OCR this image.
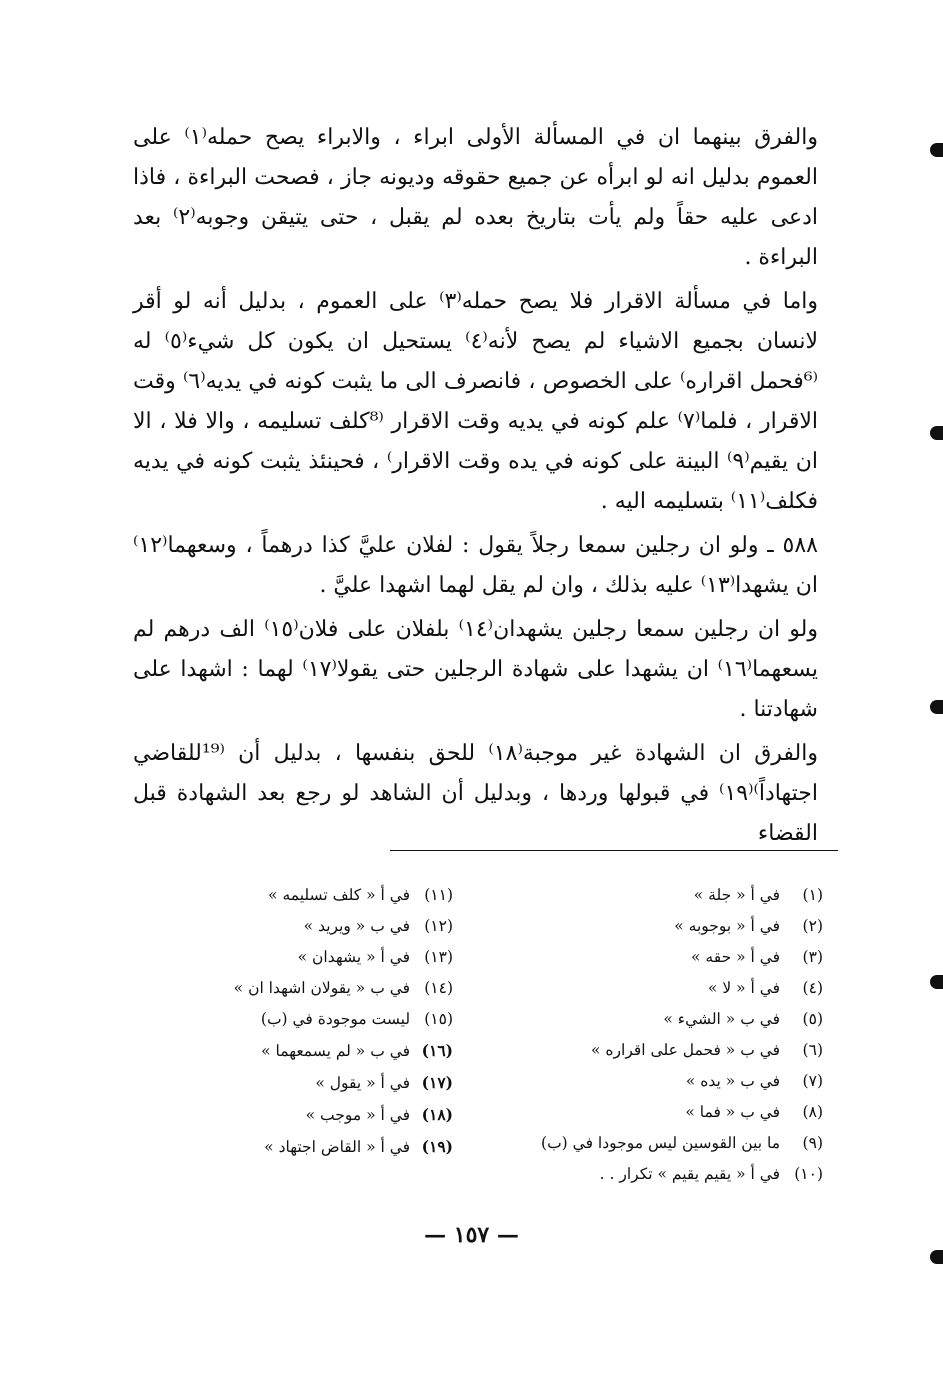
والفرق بينهما ان في المسألة الأولى ابراء ، والابراء يصح حمله⁽١⁾ على العموم بدليل انه لو ابرأه عن جميع حقوقه وديونه جاز ، فصحت البراءة ، فاذا ادعى عليه حقاً ولم يأت بتاريخ بعده لم يقبل ، حتى يتيقن وجوبه⁽٢⁾ بعد البراءة .

واما في مسألة الاقرار فلا يصح حمله⁽٣⁾ على العموم ، بدليل أنه لو أقر لانسان بجميع الاشياء لم يصح لأنه⁽٤⁾ يستحيل ان يكون كل شيء⁽٥⁾ له ⁽⁶فحمل اقراره⁾ على الخصوص ، فانصرف الى ما يثبت كونه في يديه⁽٦⁾ وقت الاقرار ، فلما⁽٧⁾ علم كونه في يديه وقت الاقرار ⁽⁸كلف تسليمه ، والا فلا ، الا ان يقيم⁽٩⁾ البينة على كونه في يده وقت الاقرار⁾ ، فحينئذ يثبت كونه في يديه فكلف⁽١١⁾ بتسليمه اليه .

٥٨٨ ـ ولو ان رجلين سمعا رجلاً يقول : لفلان عليَّ كذا درهماً ، وسعهما⁽١٢⁾ ان يشهدا⁽١٣⁾ عليه بذلك ، وان لم يقل لهما اشهدا عليَّ .

ولو ان رجلين سمعا رجلين يشهدان⁽١٤⁾ بلفلان على فلان⁽١٥⁾ الف درهم لم يسعهما⁽١٦⁾ ان يشهدا على شهادة الرجلين حتى يقولا⁽١٧⁾ لهما : اشهدا على شهادتنا .

والفرق ان الشهادة غير موجبة⁽١٨⁾ للحق بنفسها ، بدليل أن ⁽¹⁹للقاضي اجتهاداً⁾⁽١٩⁾ في قبولها وردها ، وبدليل أن الشاهد لو رجع بعد الشهادة قبل القضاء

(١) في أ « جلة »
(٢) في أ « بوجوبه »
(٣) في أ « حقه »
(٤) في أ « لا »
(٥) في ب « الشيء »
(٦) في ب « فحمل على اقراره »
(٧) في ب « يده »
(٨) في ب « فما »
(٩) ما بين القوسين ليس موجودا في (ب)
(١٠) في أ « يقيم يقيم » تكرار . .
(١١) في أ « كلف تسليمه »
(١٢) في ب « ويريد »
(١٣) في أ « يشهدان »
(١٤) في ب « يقولان اشهدا ان »
(١٥) ليست موجودة في (ب)
(١٦) في ب « لم يسمعهما »
(١٧) في أ « يقول »
(١٨) في أ « موجب »
(١٩) في أ « القاض اجتهاد »
— ١٥٧ —
